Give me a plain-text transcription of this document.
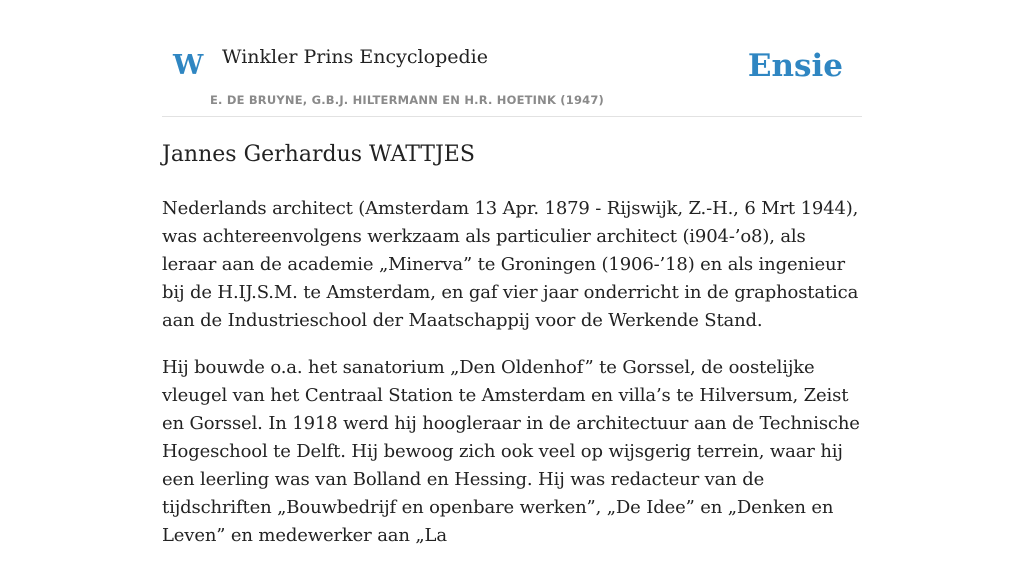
W Winkler Prins Encyclopedie
E. DE BRUYNE, G.B.J. HILTERMANN EN H.R. HOETINK (1947)
Ensie
Jannes Gerhardus WATTJES

Nederlands architect (Amsterdam 13 Apr. 1879 - Rijswijk, Z.-H., 6 Mrt 1944), was achtereenvolgens werkzaam als particulier architect (i904-’o8), als leraar aan de academie „Minerva” te Groningen (1906-’18) en als ingenieur bij de H.IJ.S.M. te Amsterdam, en gaf vier jaar onderricht in de graphostatica aan de Industrieschool der Maatschappij voor de Werkende Stand.

Hij bouwde o.a. het sanatorium „Den Oldenhof” te Gorssel, de oostelijke vleugel van het Centraal Station te Amsterdam en villa’s te Hilversum, Zeist en Gorssel. In 1918 werd hij hoogleraar in de architectuur aan de Technische Hogeschool te Delft. Hij bewoog zich ook veel op wijsgerig terrein, waar hij een leerling was van Bolland en Hessing. Hij was redacteur van de tijdschriften „Bouwbedrijf en openbare werken”, „De Idee” en „Denken en Leven” en medewerker aan „La
